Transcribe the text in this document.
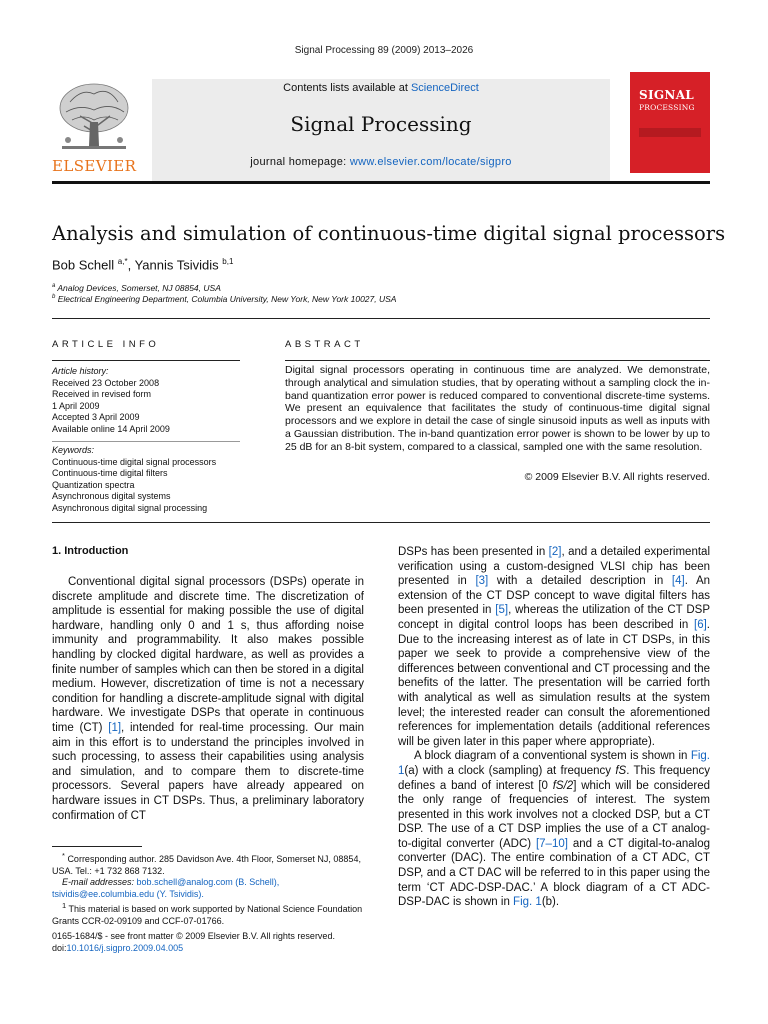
Signal Processing 89 (2009) 2013–2026
Contents lists available at ScienceDirect
Signal Processing
journal homepage: www.elsevier.com/locate/sigpro
ELSEVIER
SIGNAL
PROCESSING
Analysis and simulation of continuous-time digital signal processors
Bob Schell $^{a,*}$, Yannis Tsividis $^{b,1}$
$^a$ Analog Devices, Somerset, NJ 08854, USA
$^b$ Electrical Engineering Department, Columbia University, New York, New York 10027, USA
ARTICLE INFO	ABSTRACT
Article history:
Received 23 October 2008
Received in revised form
1 April 2009
Accepted 3 April 2009
Available online 14 April 2009
Keywords:
Continuous-time digital signal processors
Continuous-time digital filters
Quantization spectra
Asynchronous digital systems
Asynchronous digital signal processing
Digital signal processors operating in continuous time are analyzed. We demonstrate, through analytical and simulation studies, that by operating without a sampling clock the in-band quantization error power is reduced compared to conventional discrete-time systems. We present an equivalence that facilitates the study of continuous-time digital signal processors and we explore in detail the case of single sinusoid inputs as well as inputs with a Gaussian distribution. The in-band quantization error power is shown to be lower by up to 25 dB for an 8-bit system, compared to a classical, sampled one with the same resolution.
© 2009 Elsevier B.V. All rights reserved.
1. Introduction

Conventional digital signal processors (DSPs) operate in discrete amplitude and discrete time. The discretization of amplitude is essential for making possible the use of digital hardware, handling only 0 and 1 s, thus affording noise immunity and programmability. It also makes possible handling by clocked digital hardware, as well as provides a finite number of samples which can then be stored in a digital medium. However, discretization of time is not a necessary condition for handling a discrete-amplitude signal with digital hardware. We investigate DSPs that operate in continuous time (CT) [1], intended for real-time processing. Our main aim in this effort is to understand the principles involved in such processing, to assess their capabilities using analysis and simulation, and to compare them to discrete-time processors. Several papers have already appeared on hardware issues in CT DSPs. Thus, a preliminary laboratory confirmation of CT

DSPs has been presented in [2], and a detailed experimental verification using a custom-designed VLSI chip has been presented in [3] with a detailed description in [4]. An extension of the CT DSP concept to wave digital filters has been presented in [5], whereas the utilization of the CT DSP concept in digital control loops has been described in [6]. Due to the increasing interest as of late in CT DSPs, in this paper we seek to provide a comprehensive view of the differences between conventional and CT processing and the benefits of the latter. The presentation will be carried forth with analytical as well as simulation results at the system level; the interested reader can consult the aforementioned references for implementation details (additional references will be given later in this paper where appropriate).

A block diagram of a conventional system is shown in Fig. 1(a) with a clock (sampling) at frequency fS. This frequency defines a band of interest [0 fS/2] which will be considered the only range of frequencies of interest. The system presented in this work involves not a clocked DSP, but a CT DSP. The use of a CT DSP implies the use of a CT analog-to-digital converter (ADC) [7–10] and a CT digital-to-analog converter (DAC). The entire combination of a CT ADC, CT DSP, and a CT DAC will be referred to in this paper using the term ‘CT ADC-DSP-DAC.’ A block diagram of a CT ADC-DSP-DAC is shown in Fig. 1(b).

* Corresponding author. 285 Davidson Ave. 4th Floor, Somerset NJ, 08854, USA. Tel.: +1 732 868 7132.
E-mail addresses: bob.schell@analog.com (B. Schell),
tsividis@ee.columbia.edu (Y. Tsividis).
$^1$ This material is based on work supported by National Science Foundation Grants CCR-02-09109 and CCF-07-01766.
0165-1684/$ - see front matter © 2009 Elsevier B.V. All rights reserved.
doi:10.1016/j.sigpro.2009.04.005
